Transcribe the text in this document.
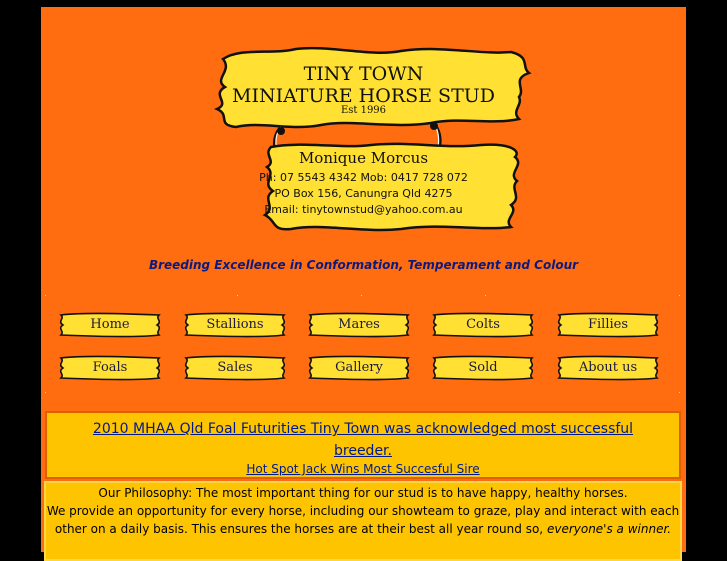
TINY TOWN
MINIATURE HORSE STUD
Est 1996
Monique Morcus
Ph: 07 5543 4342 Mob: 0417 728 072
PO Box 156, Canungra Qld 4275
Email: tinytownstud@yahoo.com.au
Breeding Excellence in Conformation, Temperament and Colour
Home	Stallions	Mares	Colts	Fillies
Foals	Sales	Gallery	Sold	About us
2010 MHAA Qld Foal Futurities Tiny Town was acknowledged most successful breeder.
Hot Spot Jack Wins Most Succesful Sire
Our Philosophy: The most important thing for our stud is to have happy, healthy horses.
We provide an opportunity for every horse, including our showteam to graze, play and interact with each other on a daily basis. This ensures the horses are at their best all year round so, everyone's a winner.
